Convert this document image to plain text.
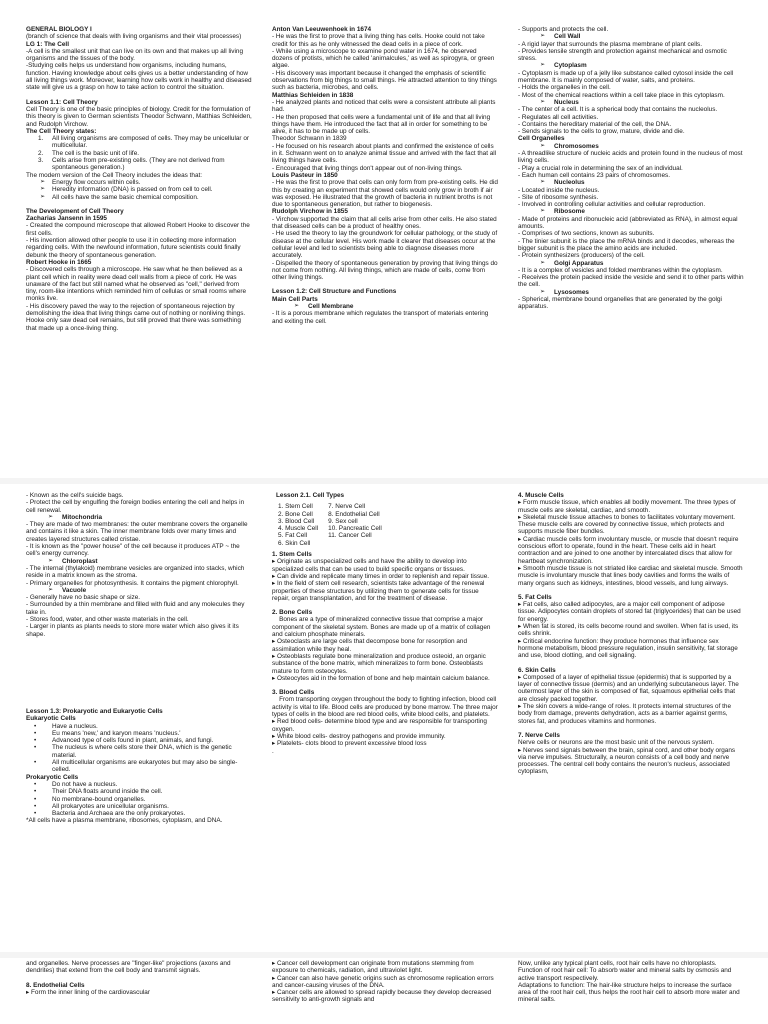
GENERAL BIOLOGY I
(branch of science that deals with living organisms and their vital processes)
LG 1: The Cell
-A cell is the smallest unit that can live on its own and that makes up all living organisms and the tissues of the body.
-Studying cells helps us understand how organisms, including humans, function. Having knowledge about cells gives us a better understanding of how all living things work. Moreover, learning how cells work in healthy and diseased state will give us a grasp on how to take action to control the situation.
Lesson 1.1: Cell Theory
Cell Theory is one of the basic principles of biology. Credit for the formulation of this theory is given to German scientists Theodor Schwann, Matthias Schleiden, and Rudolph Virchow.
The Cell Theory states:
1. All living organisms are composed of cells. They may be unicellular or multicellular.
2. The cell is the basic unit of life.
3. Cells arise from pre-existing cells. (They are not derived from spontaneous generation.)
The modern version of the Cell Theory includes the ideas that:
➢ Energy flow occurs within cells.
➢ Heredity information (DNA) is passed on from cell to cell.
➢ All cells have the same basic chemical composition.
The Development of Cell Theory
Zacharias Jansenn in 1595
- Created the compound microscope that allowed Robert Hooke to discover the first cells.
- His invention allowed other people to use it in collecting more information regarding cells. With the newfound information, future scientists could finally debunk the theory of spontaneous generation.
Robert Hooke in 1665
- Discovered cells through a microscope. He saw what he then believed as a plant cell which in reality were dead cell walls from a piece of cork. He was unaware of the fact but still named what he observed as "cell," derived from tiny, room-like intentions which reminded him of cellulas or small rooms where monks live.
- His discovery paved the way to the rejection of spontaneous rejection by demolishing the idea that living things came out of nothing or nonliving things. Hooke only saw dead cell remains, but still proved that there was something that made up a once-living thing.
Anton Van Leeuwenhoek in 1674
- He was the first to prove that a living thing has cells. Hooke could not take credit for this as he only witnessed the dead cells in a piece of cork.
- While using a microscope to examine pond water in 1674, he observed dozens of protists, which he called 'animalcules,' as well as spirogyra, or green algae.
- His discovery was important because it changed the emphasis of scientific observations from big things to small things. He attracted attention to tiny things such as bacteria, microbes, and cells.
Matthias Schleiden in 1838
- He analyzed plants and noticed that cells were a consistent attribute all plants had.
- He then proposed that cells were a fundamental unit of life and that all living things have them. He introduced the fact that all in order for something to be alive, it has to be made up of cells.
Theodor Schwann in 1839
- He focused on his research about plants and confirmed the existence of cells in it. Schwann went on to analyze animal tissue and arrived with the fact that all living things have cells.
- Encouraged that living things don't appear out of non-living things.
Louis Pasteur in 1850
- He was the first to prove that cells can only form from pre-existing cells. He did this by creating an experiment that showed cells would only grow in broth if air was exposed. He illustrated that the growth of bacteria in nutrient broths is not due to spontaneous generation, but rather to biogenesis.
Rudolph Virchow in 1855
- Virchow supported the claim that all cells arise from other cells. He also stated that diseased cells can be a product of healthy ones.
- He used the theory to lay the groundwork for cellular pathology, or the study of disease at the cellular level. His work made it clearer that diseases occur at the cellular level and led to scientists being able to diagnose diseases more accurately.
- Dispelled the theory of spontaneous generation by proving that living things do not come from nothing. All living things, which are made of cells, come from other living things.
Lesson 1.2: Cell Structure and Functions
Main Cell Parts
➢ Cell Membrane
- It is a porous membrane which regulates the transport of materials entering and exiting the cell.
- Supports and protects the cell.
➢ Cell Wall
- A rigid layer that surrounds the plasma membrane of plant cells.
- Provides tensile strength and protection against mechanical and osmotic stress.
➢ Cytoplasm
- Cytoplasm is made up of a jelly like substance called cytosol inside the cell membrane. It is mainly composed of water, salts, and proteins.
- Holds the organelles in the cell.
- Most of the chemical reactions within a cell take place in this cytoplasm.
➢ Nucleus
- The center of a cell. It is a spherical body that contains the nucleolus.
- Regulates all cell activities.
- Contains the hereditary material of the cell, the DNA.
- Sends signals to the cells to grow, mature, divide and die.
Cell Organelles
➢ Chromosomes
- A threadlike structure of nucleic acids and protein found in the nucleus of most living cells.
- Play a crucial role in determining the sex of an individual.
- Each human cell contains 23 pairs of chromosomes.
➢ Nucleolus
- Located inside the nucleus.
- Site of ribosome synthesis.
- Involved in controlling cellular activities and cellular reproduction.
➢ Ribosome
- Made of proteins and ribonucleic acid (abbreviated as RNA), in almost equal amounts.
- Comprises of two sections, known as subunits.
- The tinier subunit is the place the mRNA binds and it decodes, whereas the bigger subunit is the place the amino acids are included.
- Protein synthesizers (producers) of the cell.
➢ Golgi Apparatus
- It is a complex of vesicles and folded membranes within the cytoplasm.
- Receives the protein packed inside the vesicle and send it to other parts within the cell.
➢ Lysosomes
- Spherical, membrane bound organelles that are generated by the golgi apparatus.
- Known as the cell's suicide bags.
- Protect the cell by engulfing the foreign bodies entering the cell and helps in cell renewal.
➢ Mitochondria
- They are made of two membranes: the outer membrane covers the organelle and contains it like a skin. The inner membrane folds over many times and creates layered structures called cristae.
- It is known as the "power house" of the cell because it produces ATP ~ the cell's energy currency.
➢ Chloroplast
- The internal (thylakoid) membrane vesicles are organized into stacks, which reside in a matrix known as the stroma.
- Primary organelles for photosynthesis. It contains the pigment chlorophyll.
➢ Vacuole
- Generally have no basic shape or size.
- Surrounded by a thin membrane and filled with fluid and any molecules they take in.
- Stores food, water, and other waste materials in the cell.
- Larger in plants as plants needs to store more water which also gives it its shape.
Lesson 1.3: Prokaryotic and Eukaryotic Cells
Eukaryotic Cells
• Have a nucleus.
• Eu means 'new,' and karyon means 'nucleus.'
• Advanced type of cells found in plant, animals, and fungi.
• The nucleus is where cells store their DNA, which is the genetic material.
• All multicellular organisms are eukaryotes but may also be single-celled.
Prokaryotic Cells
• Do not have a nucleus.
• Their DNA floats around inside the cell.
• No membrane-bound organelles.
• All prokaryotes are unicellular organisms.
• Bacteria and Archaea are the only prokaryotes.
*All cells have a plasma membrane, ribosomes, cytoplasm, and DNA.
Lesson 2.1. Cell Types
1. Stem Cell
2. Bone Cell
3. Blood Cell
4. Muscle Cell
5. Fat Cell
6. Skin Cell
7. Nerve Cell
8. Endothelial Cell
9. Sex cell
10. Pancreatic Cell
11. Cancer Cell
1. Stem Cells
▸ Originate as unspecialized cells and have the ability to develop into specialized cells that can be used to build specific organs or tissues.
▸ Can divide and replicate many times in order to replenish and repair tissue.
▸ In the field of stem cell research, scientists take advantage of the renewal properties of these structures by utilizing them to generate cells for tissue repair, organ transplantation, and for the treatment of disease.
2. Bone Cells
Bones are a type of mineralized connective tissue that comprise a major component of the skeletal system. Bones are made up of a matrix of collagen and calcium phosphate minerals.
▸ Osteoclasts are large cells that decompose bone for resorption and assimilation while they heal.
▸ Osteoblasts regulate bone mineralization and produce osteoid, an organic substance of the bone matrix, which mineralizes to form bone. Osteoblasts mature to form osteocytes.
▸ Osteocytes aid in the formation of bone and help maintain calcium balance.
3. Blood Cells
From transporting oxygen throughout the body to fighting infection, blood cell activity is vital to life. Blood cells are produced by bone marrow. The three major types of cells in the blood are red blood cells, white blood cells, and platelets.
▸ Red blood cells- determine blood type and are responsible for transporting oxygen.
▸ White blood cells- destroy pathogens and provide immunity.
▸ Platelets- clots blood to prevent excessive blood loss
.
4. Muscle Cells
▸ Form muscle tissue, which enables all bodily movement. The three types of muscle cells are skeletal, cardiac, and smooth.
▸ Skeletal muscle tissue attaches to bones to facilitates voluntary movement. These muscle cells are covered by connective tissue, which protects and supports muscle fiber bundles.
▸ Cardiac muscle cells form involuntary muscle, or muscle that doesn't require conscious effort to operate, found in the heart. These cells aid in heart contraction and are joined to one another by intercalated discs that allow for heartbeat synchronization.
▸ Smooth muscle tissue is not striated like cardiac and skeletal muscle. Smooth muscle is involuntary muscle that lines body cavities and forms the walls of many organs such as kidneys, intestines, blood vessels, and lung airways.
5. Fat Cells
▸ Fat cells, also called adipocytes, are a major cell component of adipose tissue. Adipocytes contain droplets of stored fat (triglycerides) that can be used for energy.
▸ When fat is stored, its cells become round and swollen. When fat is used, its cells shrink.
▸ Critical endocrine function: they produce hormones that influence sex hormone metabolism, blood pressure regulation, insulin sensitivity, fat storage and use, blood clotting, and cell signaling.
6. Skin Cells
▸ Composed of a layer of epithelial tissue (epidermis) that is supported by a layer of connective tissue (dermis) and an underlying subcutaneous layer. The outermost layer of the skin is composed of flat, squamous epithelial cells that are closely packed together.
▸ The skin covers a wide-range of roles. It protects internal structures of the body from damage, prevents dehydration, acts as a barrier against germs, stores fat, and produces vitamins and hormones.
7. Nerve Cells
Nerve cells or neurons are the most basic unit of the nervous system.
▸ Nerves send signals between the brain, spinal cord, and other body organs via nerve impulses. Structurally, a neuron consists of a cell body and nerve processes. The central cell body contains the neuron's nucleus, associated cytoplasm,
and organelles. Nerve processes are "finger-like" projections (axons and dendrites) that extend from the cell body and transmit signals.
8. Endothelial Cells
▸ Form the inner lining of the cardiovascular
▸ Cancer cell development can originate from mutations stemming from exposure to chemicals, radiation, and ultraviolet light.
▸ Cancer can also have genetic origins such as chromosome replication errors and cancer-causing viruses of the DNA.
▸ Cancer cells are allowed to spread rapidly because they develop decreased sensitivity to anti-growth signals and
Now, unlike any typical plant cells, root hair cells have no chloroplasts.
Function of root hair cell: To absorb water and mineral salts by osmosis and active transport respectively.
Adaptations to function: The hair-like structure helps to increase the surface area of the root hair cell, thus helps the root hair cell to absorb more water and mineral salts.
